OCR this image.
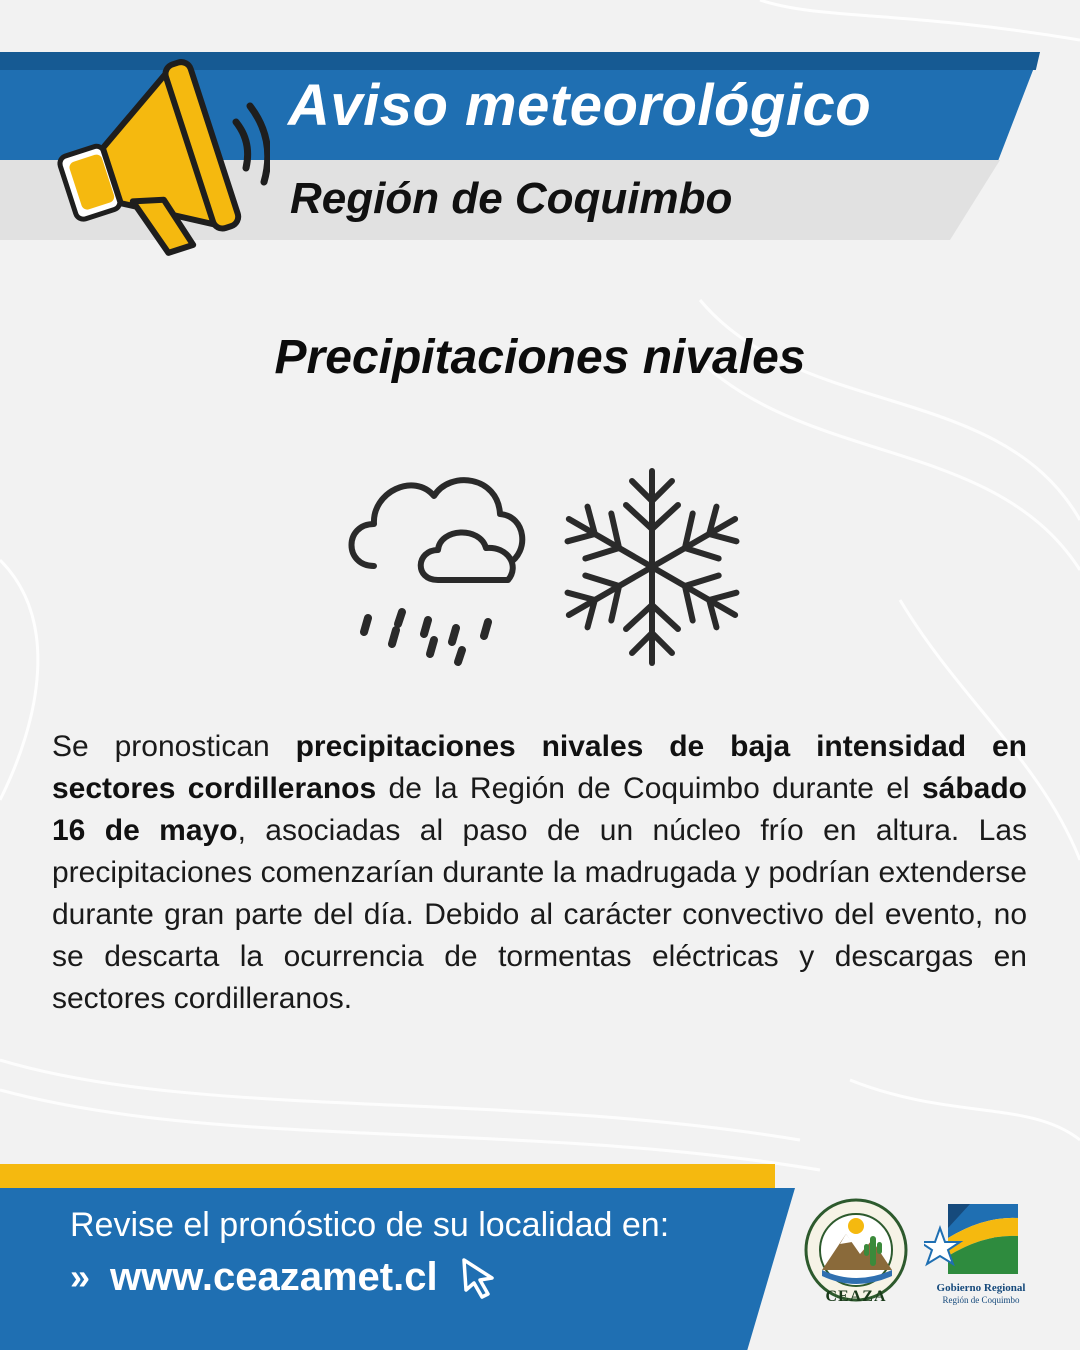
Aviso meteorológico
Región de Coquimbo
Precipitaciones nivales

Se pronostican precipitaciones nivales de baja intensidad en sectores cordilleranos de la Región de Coquimbo durante el sábado 16 de mayo, asociadas al paso de un núcleo frío en altura. Las precipitaciones comenzarían durante la madrugada y podrían extenderse durante gran parte del día. Debido al carácter convectivo del evento, no se descarta la ocurrencia de tormentas eléctricas y descargas en sectores cordilleranos.

Revise el pronóstico de su localidad en:

» www.ceazamet.cl	CEAZA	Gobierno Regional

Región de Coquimbo
